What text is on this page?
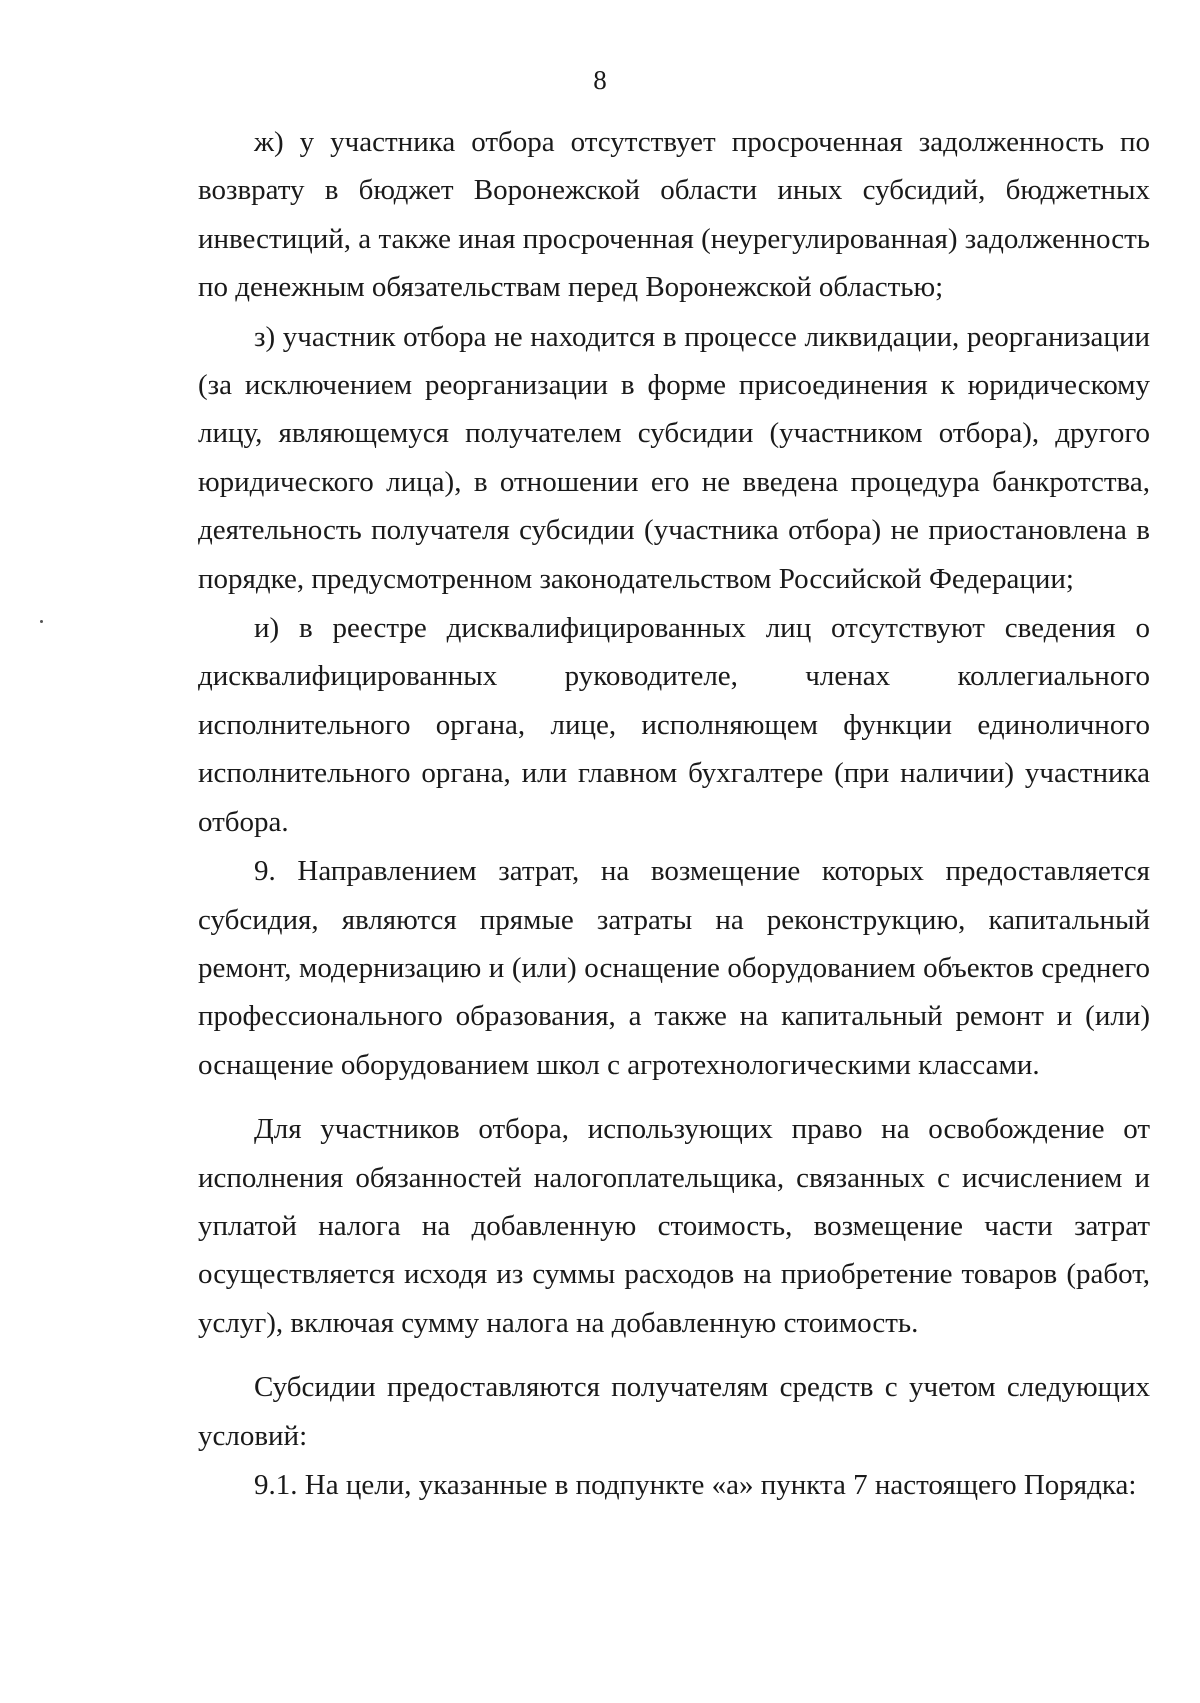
8

ж) у участника отбора отсутствует просроченная задолженность по возврату в бюджет Воронежской области иных субсидий, бюджетных инвестиций, а также иная просроченная (неурегулированная) задолженность по денежным обязательствам перед Воронежской областью;

з) участник отбора не находится в процессе ликвидации, реорганизации (за исключением реорганизации в форме присоединения к юридическому лицу, являющемуся получателем субсидии (участником отбора), другого юридического лица), в отношении его не введена процедура банкротства, деятельность получателя субсидии (участника отбора) не приостановлена в порядке, предусмотренном законодательством Российской Федерации;

и) в реестре дисквалифицированных лиц отсутствуют сведения о дисквалифицированных руководителе, членах коллегиального исполнительного органа, лице, исполняющем функции единоличного исполнительного органа, или главном бухгалтере (при наличии) участника отбора.

9. Направлением затрат, на возмещение которых предоставляется субсидия, являются прямые затраты на реконструкцию, капитальный ремонт, модернизацию и (или) оснащение оборудованием объектов среднего профессионального образования, а также на капитальный ремонт и (или) оснащение оборудованием школ с агротехнологическими классами.

Для участников отбора, использующих право на освобождение от исполнения обязанностей налогоплательщика, связанных с исчислением и уплатой налога на добавленную стоимость, возмещение части затрат осуществляется исходя из суммы расходов на приобретение товаров (работ, услуг), включая сумму налога на добавленную стоимость.

Субсидии предоставляются получателям средств с учетом следующих условий:

9.1. На цели, указанные в подпункте «а» пункта 7 настоящего Порядка:
